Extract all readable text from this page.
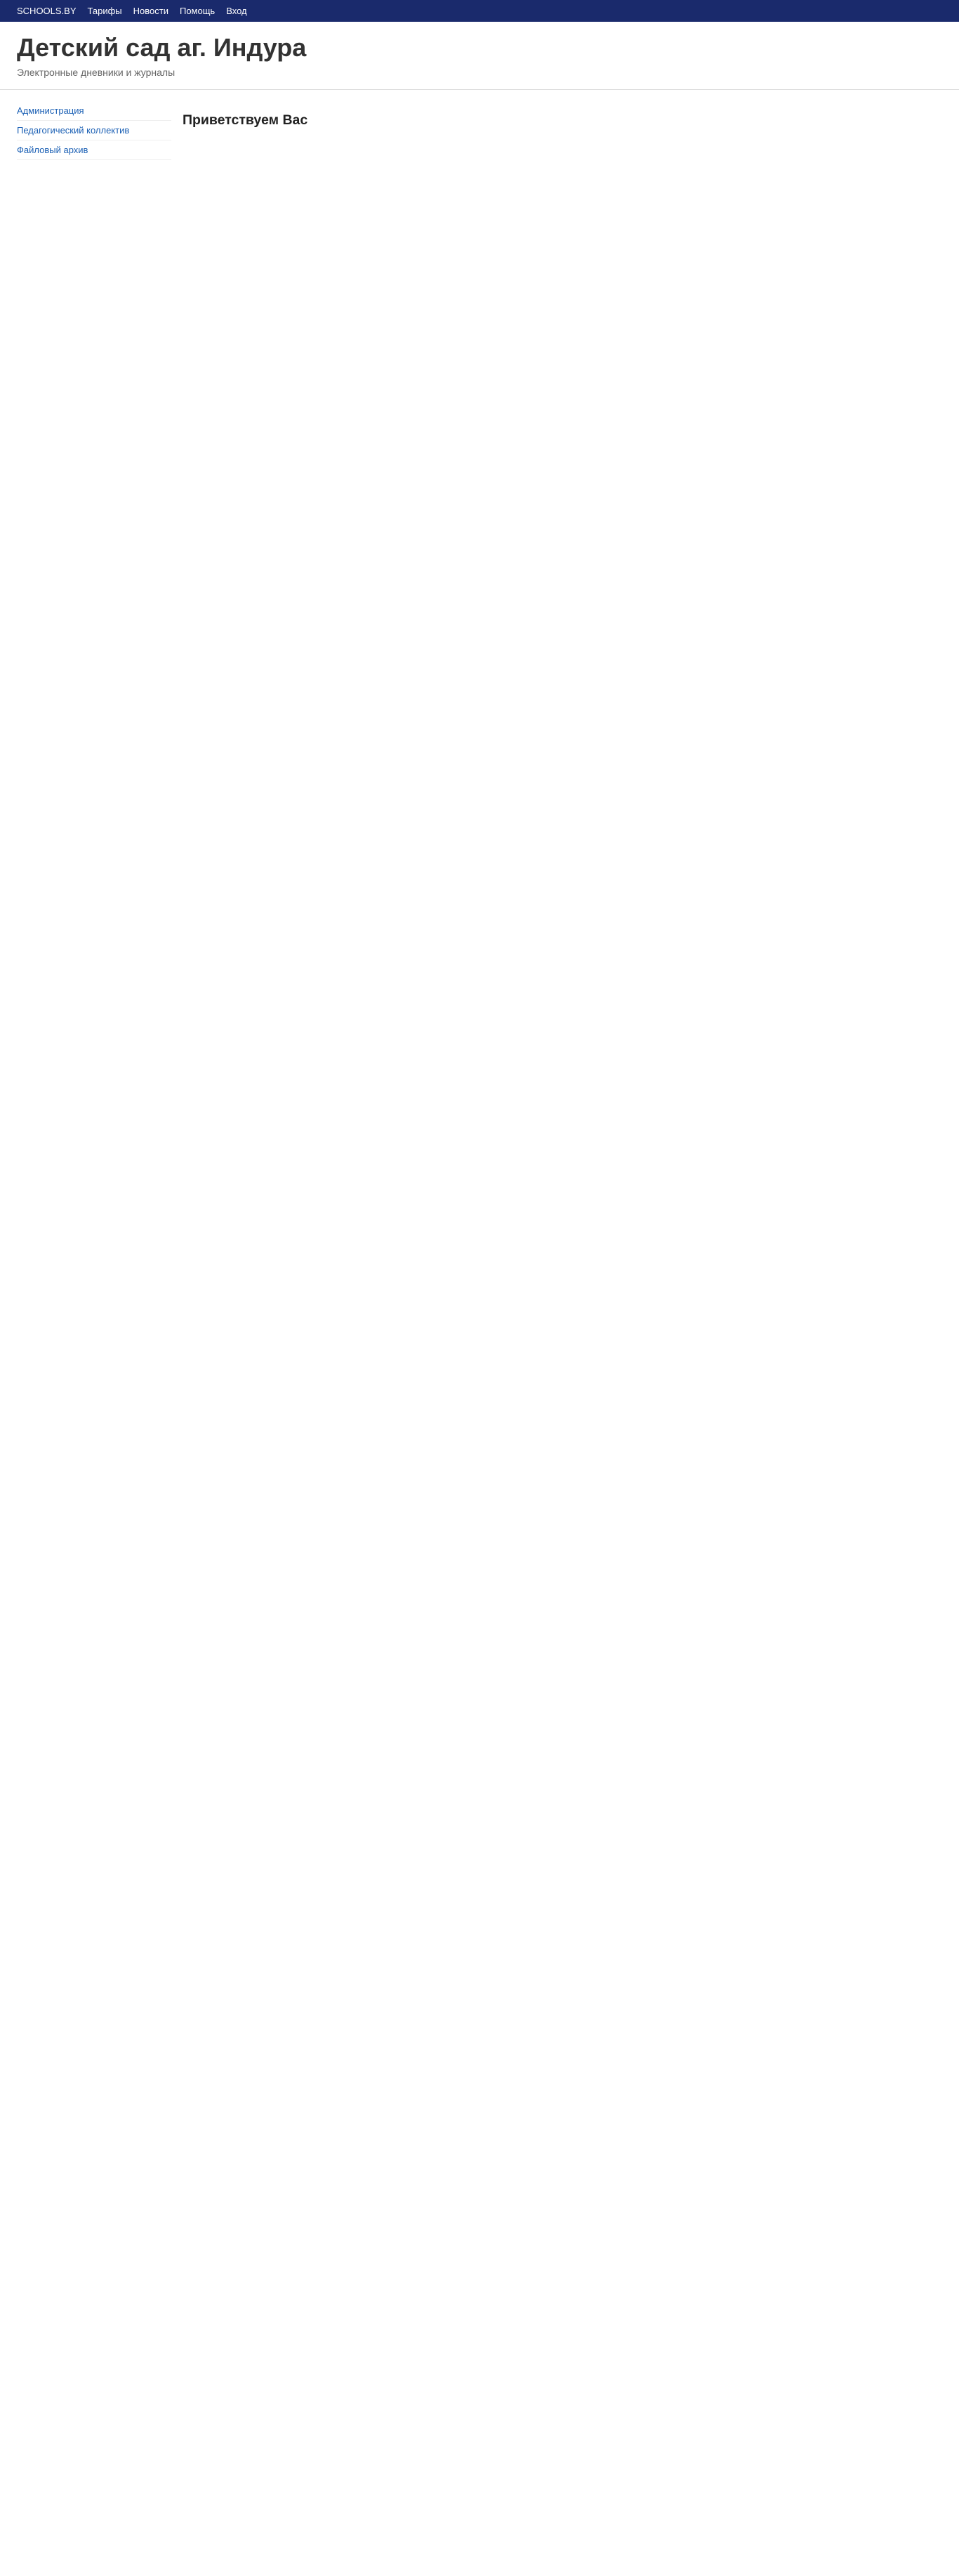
SCHOOLS.BY Тарифы Новости Помощь Вход
Детский сад аг. Индура
Электронные дневники и журналы
Администрация
Педагогический коллектив
Файловый архив
Приветствуем Вас
